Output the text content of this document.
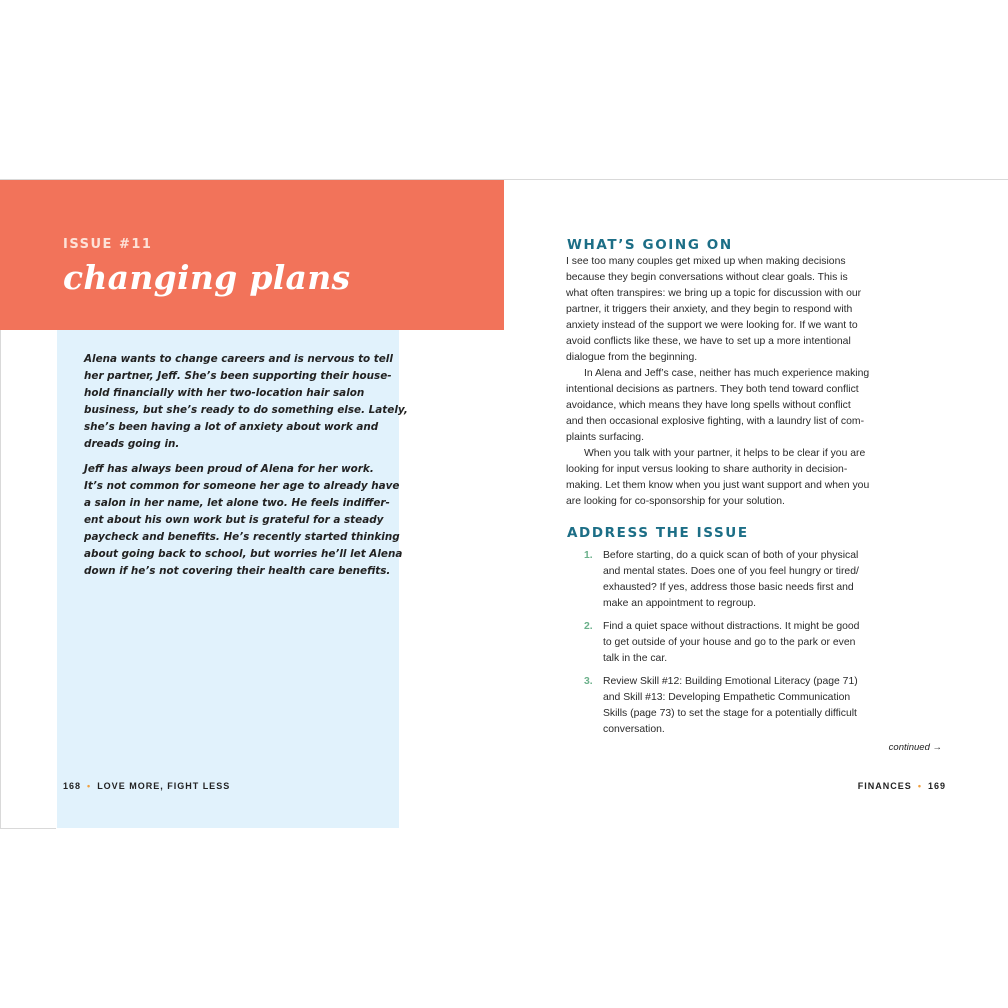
ISSUE #11
changing plans

Alena wants to change careers and is nervous to tell
her partner, Jeff. She’s been supporting their house-
hold financially with her two-location hair salon
business, but she’s ready to do something else. Lately,
she’s been having a lot of anxiety about work and
dreads going in.

Jeff has always been proud of Alena for her work.
It’s not common for someone her age to already have
a salon in her name, let alone two. He feels indiffer-
ent about his own work but is grateful for a steady
paycheck and benefits. He’s recently started thinking
about going back to school, but worries he’ll let Alena
down if he’s not covering their health care benefits.

168 • LOVE MORE, FIGHT LESS
WHAT’S GOING ON
I see too many couples get mixed up when making decisions
because they begin conversations without clear goals. This is
what often transpires: we bring up a topic for discussion with our
partner, it triggers their anxiety, and they begin to respond with
anxiety instead of the support we were looking for. If we want to
avoid conflicts like these, we have to set up a more intentional
dialogue from the beginning.
In Alena and Jeff’s case, neither has much experience making
intentional decisions as partners. They both tend toward conflict
avoidance, which means they have long spells without conflict
and then occasional explosive fighting, with a laundry list of com-
plaints surfacing.
When you talk with your partner, it helps to be clear if you are
looking for input versus looking to share authority in decision-
making. Let them know when you just want support and when you
are looking for co-sponsorship for your solution.
ADDRESS THE ISSUE
1. Before starting, do a quick scan of both of your physical
and mental states. Does one of you feel hungry or tired/
exhausted? If yes, address those basic needs first and
make an appointment to regroup.
2. Find a quiet space without distractions. It might be good
to get outside of your house and go to the park or even
talk in the car.
3. Review Skill #12: Building Emotional Literacy (page 71)
and Skill #13: Developing Empathetic Communication
Skills (page 73) to set the stage for a potentially difficult
conversation.
continued →
FINANCES • 169
